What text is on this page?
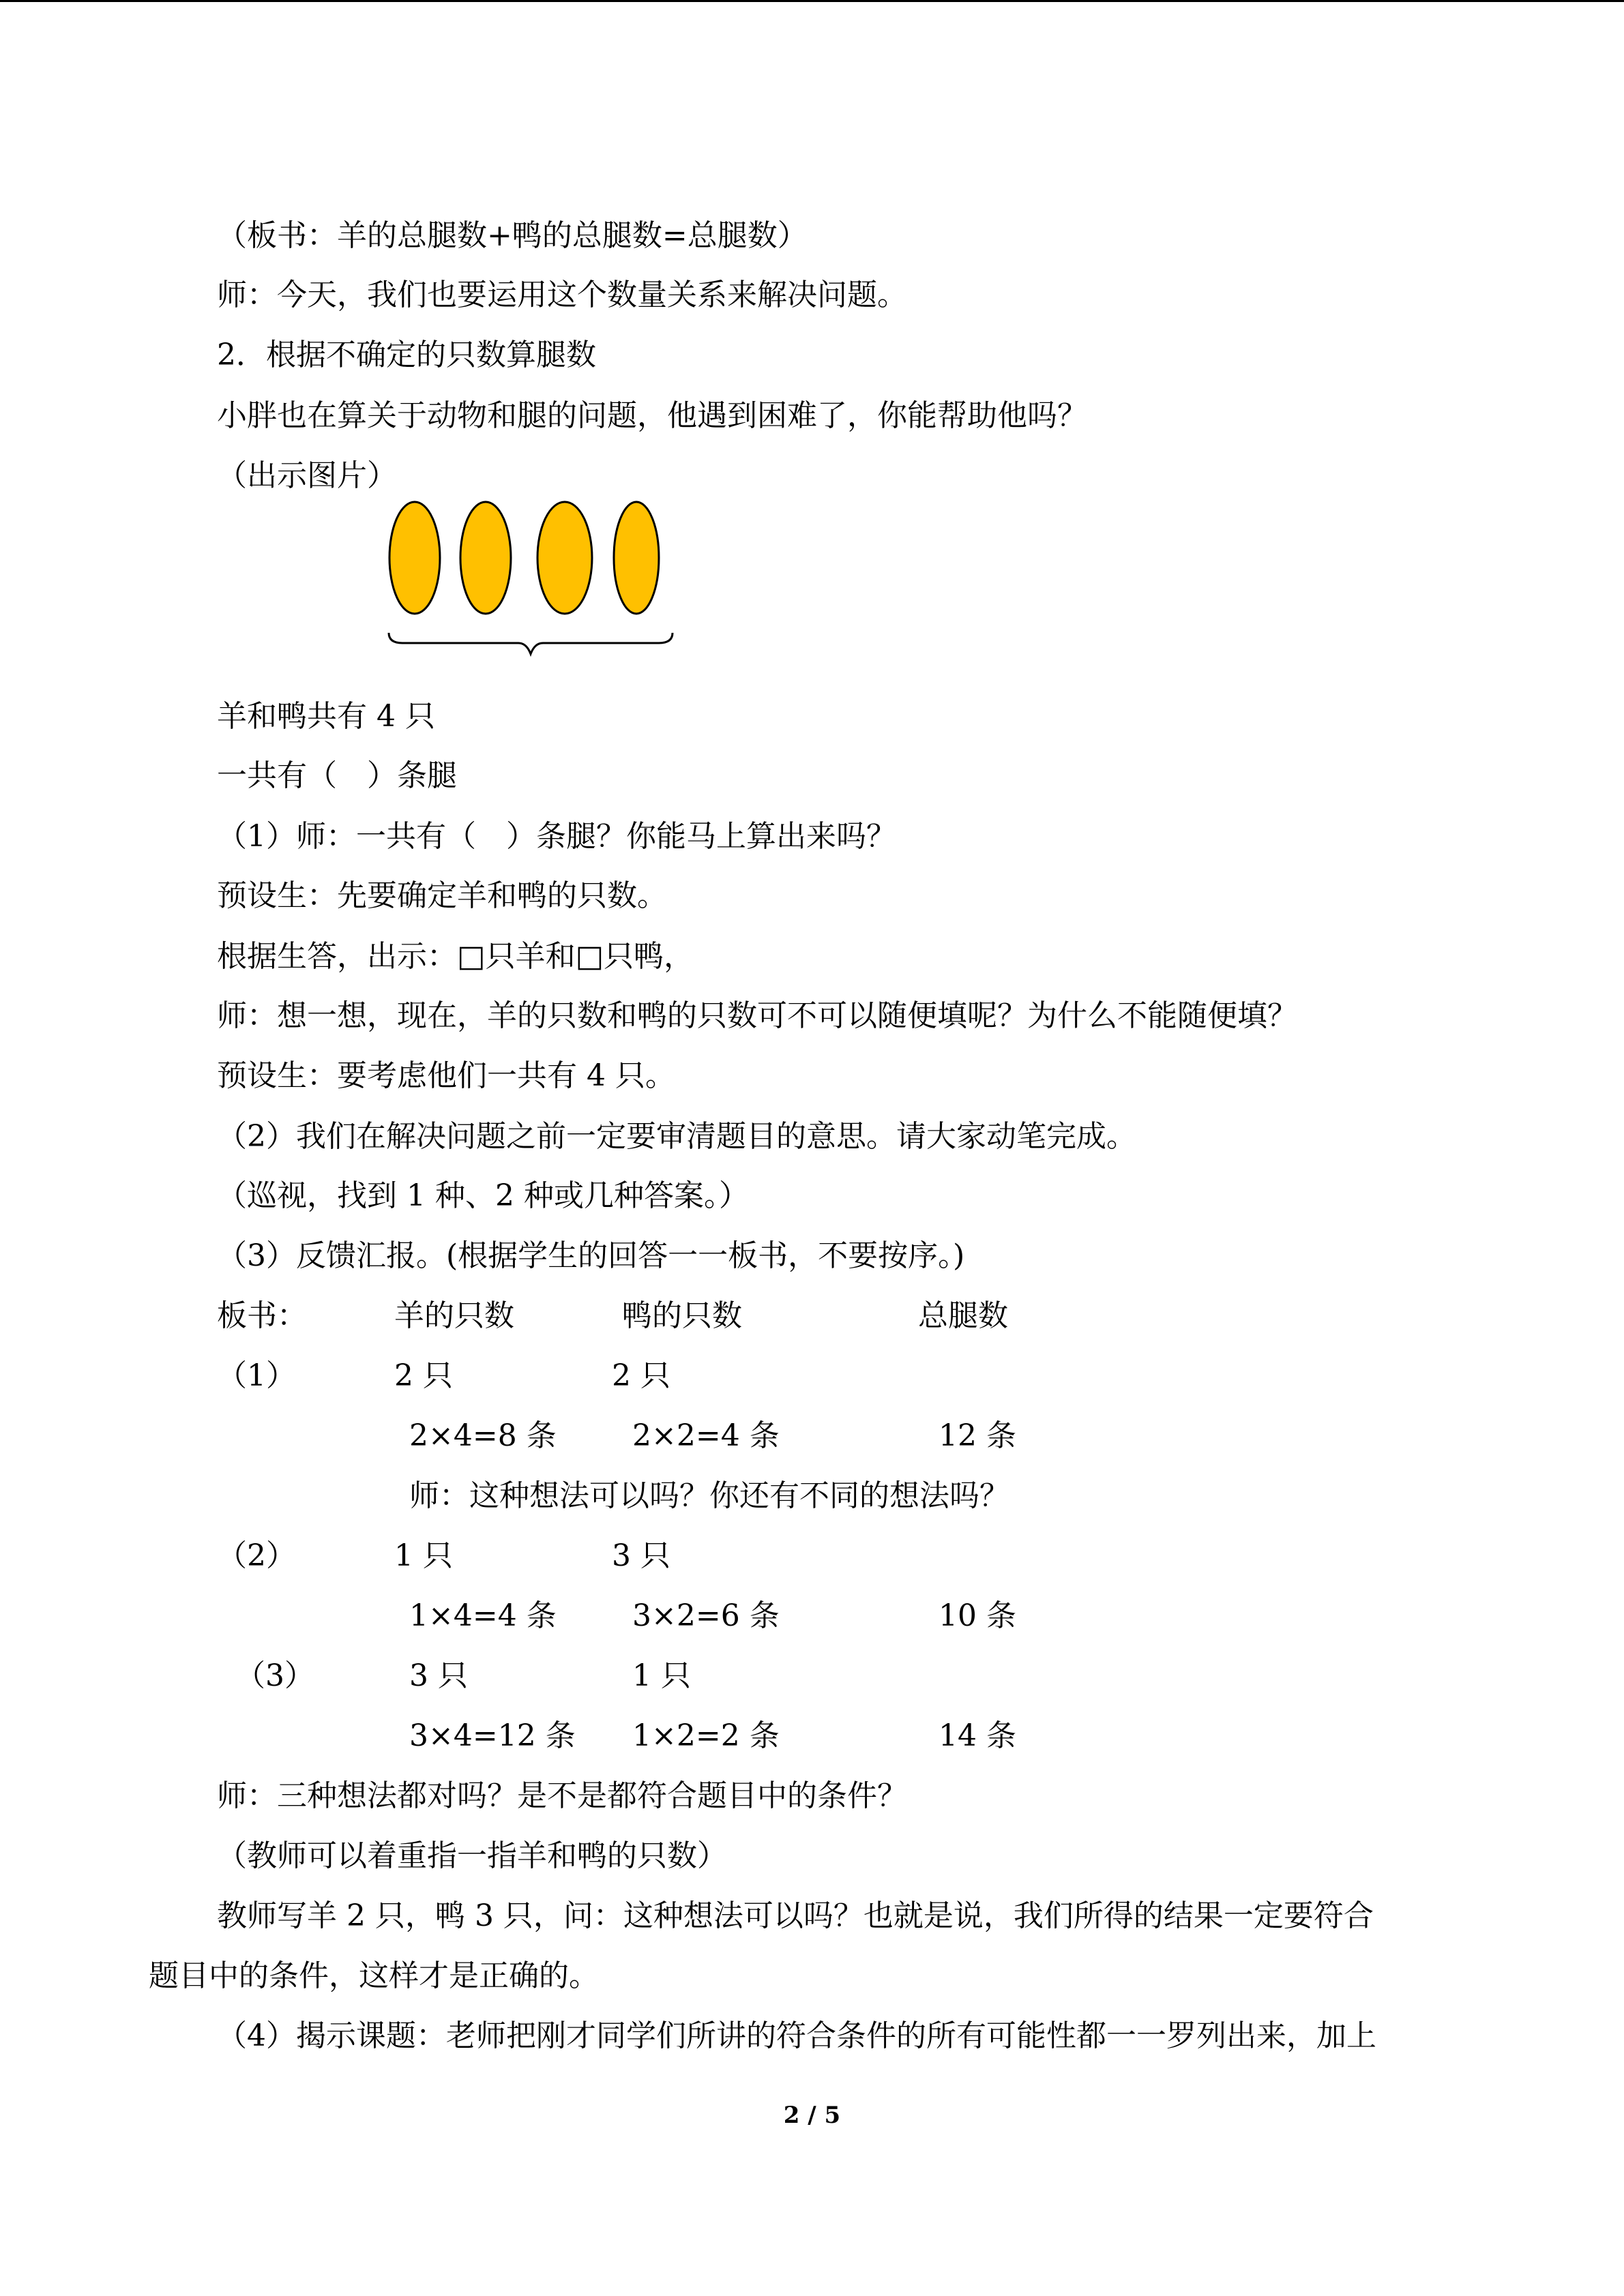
（板书：羊的总腿数+鸭的总腿数=总腿数）
师：今天，我们也要运用这个数量关系来解决问题。
2．根据不确定的只数算腿数
小胖也在算关于动物和腿的问题，他遇到困难了，你能帮助他吗？
（出示图片）
羊和鸭共有 4 只
一共有（　）条腿
（1）师：一共有（　）条腿？你能马上算出来吗？
预设生：先要确定羊和鸭的只数。
根据生答，出示：□只羊和□只鸭，
师：想一想，现在，羊的只数和鸭的只数可不可以随便填呢？为什么不能随便填？
预设生：要考虑他们一共有 4 只。
（2）我们在解决问题之前一定要审清题目的意思。请大家动笔完成。
（巡视，找到 1 种、2 种或几种答案。）
（3）反馈汇报。(根据学生的回答一一板书，不要按序。)
板书：	羊的只数	鸭的只数	总腿数
（1）	2 只	2 只
2×4=8 条	2×2=4 条	12 条
师：这种想法可以吗？你还有不同的想法吗？
（2）	1 只	3 只
1×4=4 条	3×2=6 条	10 条
（3）	3 只	1 只
3×4=12 条 1×2=2 条	14 条
师：三种想法都对吗？是不是都符合题目中的条件？
（教师可以着重指一指羊和鸭的只数）
教师写羊 2 只，鸭 3 只，问：这种想法可以吗？也就是说，我们所得的结果一定要符合
题目中的条件，这样才是正确的。
（4）揭示课题：老师把刚才同学们所讲的符合条件的所有可能性都一一罗列出来，加上
2 / 5
